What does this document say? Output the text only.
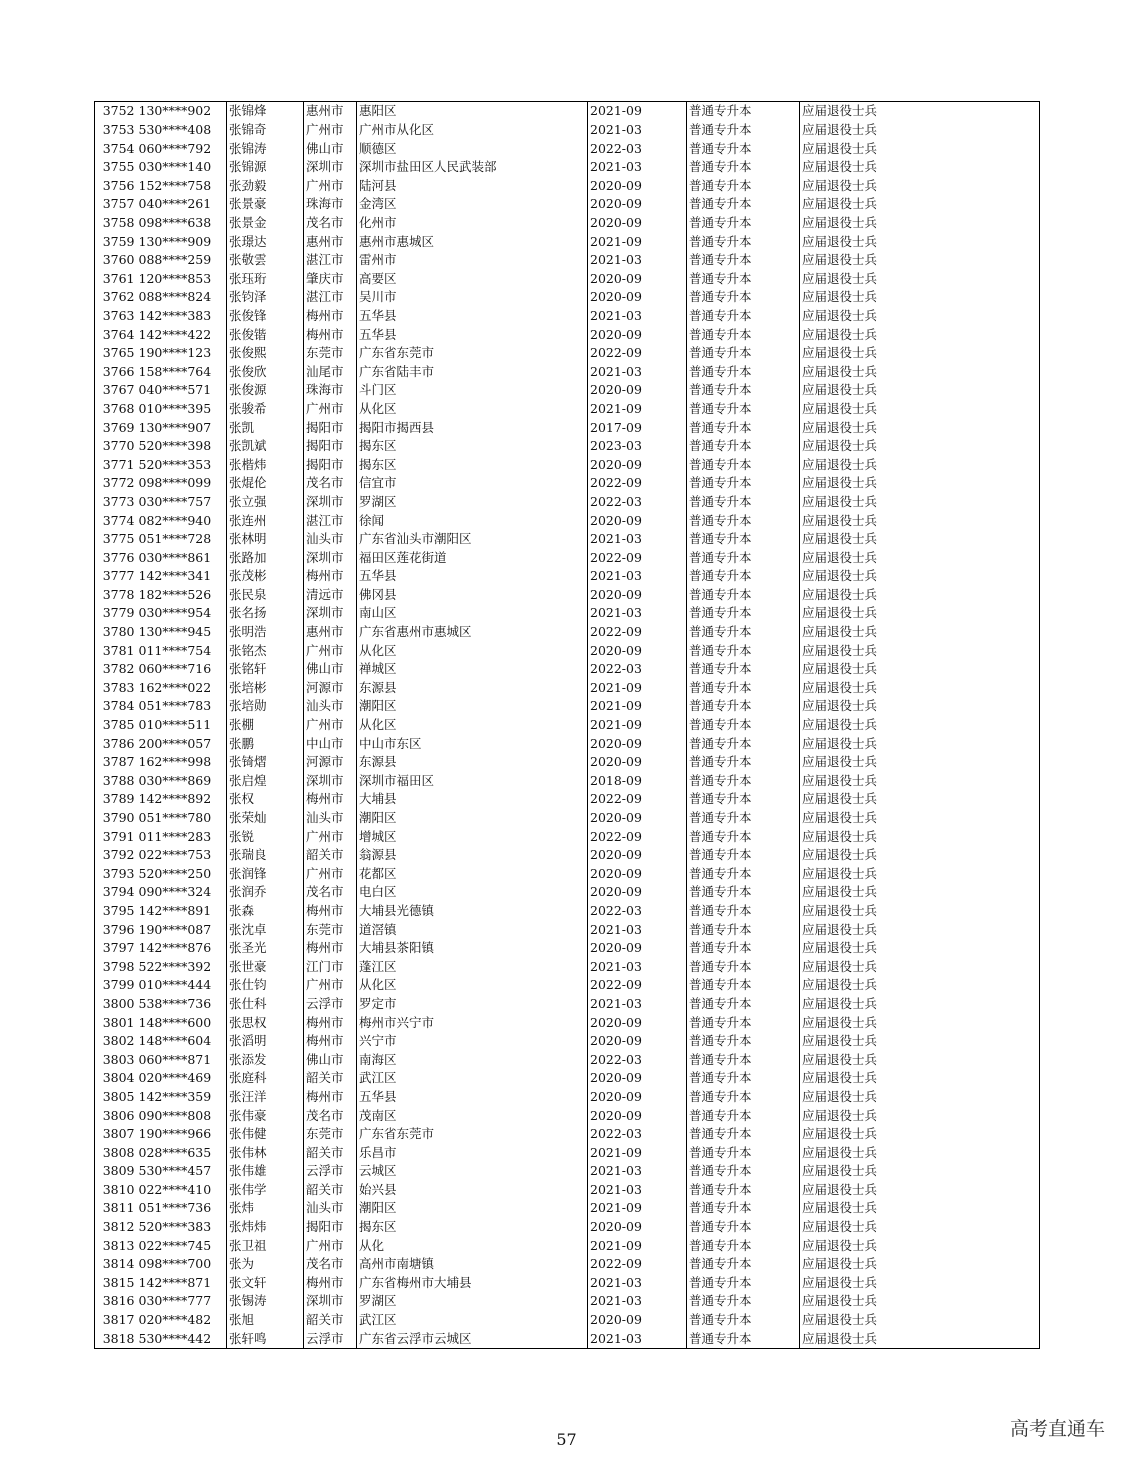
3752	130****902	张锦烽	惠州市	惠阳区	2021-09	普通专升本	应届退役士兵
3753	530****408	张锦奇	广州市	广州市从化区	2021-03	普通专升本	应届退役士兵
3754	060****792	张锦涛	佛山市	顺德区	2022-03	普通专升本	应届退役士兵
3755	030****140	张锦源	深圳市	深圳市盐田区人民武装部	2021-03	普通专升本	应届退役士兵
3756	152****758	张劲毅	广州市	陆河县	2020-09	普通专升本	应届退役士兵
3757	040****261	张景豪	珠海市	金湾区	2020-09	普通专升本	应届退役士兵
3758	098****638	张景金	茂名市	化州市	2020-09	普通专升本	应届退役士兵
3759	130****909	张璟达	惠州市	惠州市惠城区	2021-09	普通专升本	应届退役士兵
3760	088****259	张敬雲	湛江市	雷州市	2021-03	普通专升本	应届退役士兵
3761	120****853	张珏珩	肇庆市	高要区	2020-09	普通专升本	应届退役士兵
3762	088****824	张钧泽	湛江市	吴川市	2020-09	普通专升本	应届退役士兵
3763	142****383	张俊锋	梅州市	五华县	2021-03	普通专升本	应届退役士兵
3764	142****422	张俊锴	梅州市	五华县	2020-09	普通专升本	应届退役士兵
3765	190****123	张俊熙	东莞市	广东省东莞市	2022-09	普通专升本	应届退役士兵
3766	158****764	张俊欣	汕尾市	广东省陆丰市	2021-03	普通专升本	应届退役士兵
3767	040****571	张俊源	珠海市	斗门区	2020-09	普通专升本	应届退役士兵
3768	010****395	张骏希	广州市	从化区	2021-09	普通专升本	应届退役士兵
3769	130****907	张凯	揭阳市	揭阳市揭西县	2017-09	普通专升本	应届退役士兵
3770	520****398	张凯斌	揭阳市	揭东区	2023-03	普通专升本	应届退役士兵
3771	520****353	张楷炜	揭阳市	揭东区	2020-09	普通专升本	应届退役士兵
3772	098****099	张焜伦	茂名市	信宜市	2022-09	普通专升本	应届退役士兵
3773	030****757	张立强	深圳市	罗湖区	2022-03	普通专升本	应届退役士兵
3774	082****940	张连州	湛江市	徐闻	2020-09	普通专升本	应届退役士兵
3775	051****728	张林明	汕头市	广东省汕头市潮阳区	2021-03	普通专升本	应届退役士兵
3776	030****861	张路加	深圳市	福田区莲花街道	2022-09	普通专升本	应届退役士兵
3777	142****341	张茂彬	梅州市	五华县	2021-03	普通专升本	应届退役士兵
3778	182****526	张民泉	清远市	佛冈县	2020-09	普通专升本	应届退役士兵
3779	030****954	张名扬	深圳市	南山区	2021-03	普通专升本	应届退役士兵
3780	130****945	张明浩	惠州市	广东省惠州市惠城区	2022-09	普通专升本	应届退役士兵
3781	011****754	张铭杰	广州市	从化区	2020-09	普通专升本	应届退役士兵
3782	060****716	张铭轩	佛山市	禅城区	2022-03	普通专升本	应届退役士兵
3783	162****022	张培彬	河源市	东源县	2021-09	普通专升本	应届退役士兵
3784	051****783	张培勋	汕头市	潮阳区	2021-09	普通专升本	应届退役士兵
3785	010****511	张棚	广州市	从化区	2021-09	普通专升本	应届退役士兵
3786	200****057	张鹏	中山市	中山市东区	2020-09	普通专升本	应届退役士兵
3787	162****998	张锜熠	河源市	东源县	2020-09	普通专升本	应届退役士兵
3788	030****869	张启煌	深圳市	深圳市福田区	2018-09	普通专升本	应届退役士兵
3789	142****892	张权	梅州市	大埔县	2022-09	普通专升本	应届退役士兵
3790	051****780	张荣灿	汕头市	潮阳区	2020-09	普通专升本	应届退役士兵
3791	011****283	张锐	广州市	增城区	2022-09	普通专升本	应届退役士兵
3792	022****753	张瑞良	韶关市	翁源县	2020-09	普通专升本	应届退役士兵
3793	520****250	张润锋	广州市	花都区	2020-09	普通专升本	应届退役士兵
3794	090****324	张润乔	茂名市	电白区	2020-09	普通专升本	应届退役士兵
3795	142****891	张森	梅州市	大埔县光德镇	2022-03	普通专升本	应届退役士兵
3796	190****087	张沈卓	东莞市	道滘镇	2021-03	普通专升本	应届退役士兵
3797	142****876	张圣光	梅州市	大埔县茶阳镇	2020-09	普通专升本	应届退役士兵
3798	522****392	张世豪	江门市	蓬江区	2021-03	普通专升本	应届退役士兵
3799	010****444	张仕钧	广州市	从化区	2022-09	普通专升本	应届退役士兵
3800	538****736	张仕科	云浮市	罗定市	2021-03	普通专升本	应届退役士兵
3801	148****600	张思权	梅州市	梅州市兴宁市	2020-09	普通专升本	应届退役士兵
3802	148****604	张滔明	梅州市	兴宁市	2020-09	普通专升本	应届退役士兵
3803	060****871	张添发	佛山市	南海区	2022-03	普通专升本	应届退役士兵
3804	020****469	张庭科	韶关市	武江区	2020-09	普通专升本	应届退役士兵
3805	142****359	张汪洋	梅州市	五华县	2020-09	普通专升本	应届退役士兵
3806	090****808	张伟豪	茂名市	茂南区	2020-09	普通专升本	应届退役士兵
3807	190****966	张伟健	东莞市	广东省东莞市	2022-03	普通专升本	应届退役士兵
3808	028****635	张伟林	韶关市	乐昌市	2021-09	普通专升本	应届退役士兵
3809	530****457	张伟雄	云浮市	云城区	2021-03	普通专升本	应届退役士兵
3810	022****410	张伟学	韶关市	始兴县	2021-03	普通专升本	应届退役士兵
3811	051****736	张炜	汕头市	潮阳区	2021-09	普通专升本	应届退役士兵
3812	520****383	张炜炜	揭阳市	揭东区	2020-09	普通专升本	应届退役士兵
3813	022****745	张卫祖	广州市	从化	2021-09	普通专升本	应届退役士兵
3814	098****700	张为	茂名市	高州市南塘镇	2022-09	普通专升本	应届退役士兵
3815	142****871	张文轩	梅州市	广东省梅州市大埔县	2021-03	普通专升本	应届退役士兵
3816	030****777	张锡涛	深圳市	罗湖区	2021-03	普通专升本	应届退役士兵
3817	020****482	张旭	韶关市	武江区	2020-09	普通专升本	应届退役士兵
3818	530****442	张轩鸣	云浮市	广东省云浮市云城区	2021-03	普通专升本	应届退役士兵
57	高考直通车
